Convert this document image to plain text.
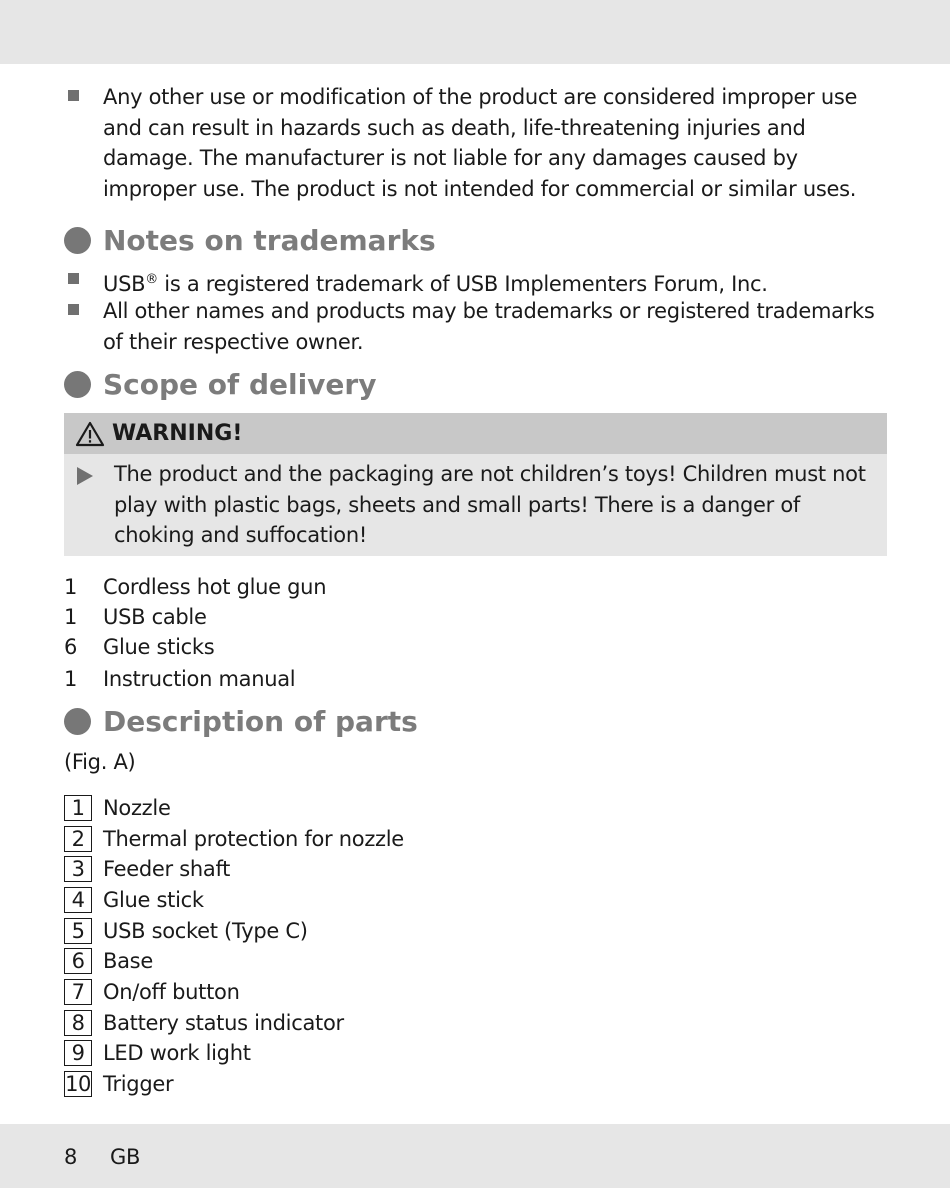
Any other use or modification of the product are considered improper use and can result in hazards such as death, life-threatening injuries and damage. The manufacturer is not liable for any damages caused by improper use. The product is not intended for commercial or similar uses.
Notes on trademarks
USB® is a registered trademark of USB Implementers Forum, Inc.
All other names and products may be trademarks or registered trademarks of their respective owner.
Scope of delivery
WARNING!
The product and the packaging are not children’s toys! Children must not play with plastic bags, sheets and small parts! There is a danger of choking and suffocation!
1 Cordless hot glue gun
1 USB cable
6 Glue sticks
1 Instruction manual
Description of parts
(Fig. A)
1 Nozzle
2 Thermal protection for nozzle
3 Feeder shaft
4 Glue stick
5 USB socket (Type C)
6 Base
7 On/off button
8 Battery status indicator
9 LED work light
10 Trigger
8 GB
